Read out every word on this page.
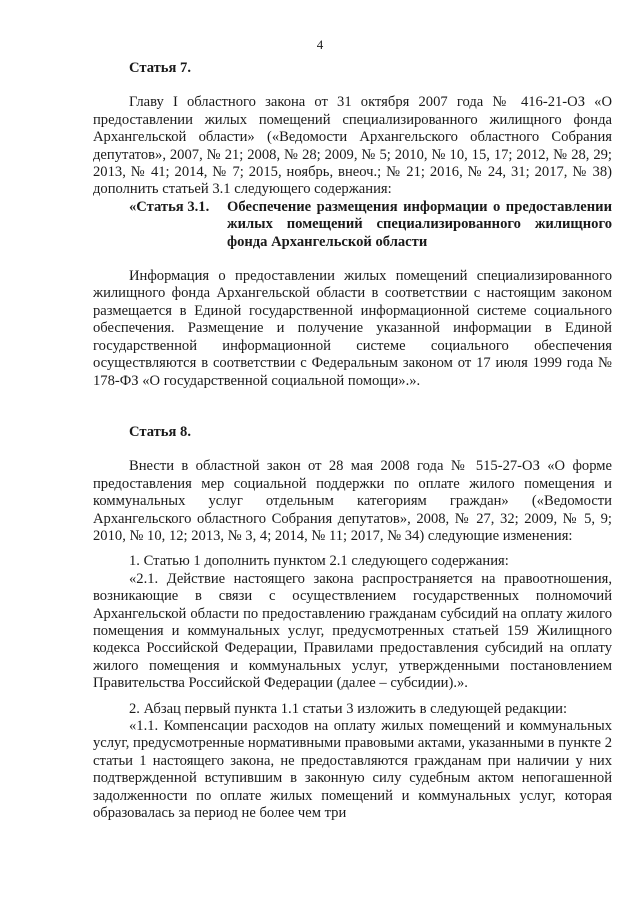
4
Статья 7.

Главу I областного закона от 31 октября 2007 года № 416-21-ОЗ «О предоставлении жилых помещений специализированного жилищного фонда Архангельской области» («Ведомости Архангельского областного Собрания депутатов», 2007, № 21; 2008, № 28; 2009, № 5; 2010, № 10, 15, 17; 2012, № 28, 29; 2013, № 41; 2014, № 7; 2015, ноябрь, внеоч.; № 21; 2016, № 24, 31; 2017, № 38) дополнить статьей 3.1 следующего содержания:

«Статья 3.1.	Обеспечение размещения информации о предоставлении жилых помещений специализированного жилищного фонда Архангельской области

Информация о предоставлении жилых помещений специализированного жилищного фонда Архангельской области в соответствии с настоящим законом размещается в Единой государственной информационной системе социального обеспечения. Размещение и получение указанной информации в Единой государственной информационной системе социального обеспечения осуществляются в соответствии с Федеральным законом от 17 июля 1999 года № 178-ФЗ «О государственной социальной помощи».».

Статья 8.

Внести в областной закон от 28 мая 2008 года № 515-27-ОЗ «О форме предоставления мер социальной поддержки по оплате жилого помещения и коммунальных услуг отдельным категориям граждан» («Ведомости Архангельского областного Собрания депутатов», 2008, № 27, 32; 2009, № 5, 9; 2010, № 10, 12; 2013, № 3, 4; 2014, № 11; 2017, № 34) следующие изменения:

1. Статью 1 дополнить пунктом 2.1 следующего содержания:

«2.1. Действие настоящего закона распространяется на правоотношения, возникающие в связи с осуществлением государственных полномочий Архангельской области по предоставлению гражданам субсидий на оплату жилого помещения и коммунальных услуг, предусмотренных статьей 159 Жилищного кодекса Российской Федерации, Правилами предоставления субсидий на оплату жилого помещения и коммунальных услуг, утвержденными постановлением Правительства Российской Федерации (далее – субсидии).».

2. Абзац первый пункта 1.1 статьи 3 изложить в следующей редакции:

«1.1. Компенсации расходов на оплату жилых помещений и коммунальных услуг, предусмотренные нормативными правовыми актами, указанными в пункте 2 статьи 1 настоящего закона, не предоставляются гражданам при наличии у них подтвержденной вступившим в законную силу судебным актом непогашенной задолженности по оплате жилых помещений и коммунальных услуг, которая образовалась за период не более чем три
